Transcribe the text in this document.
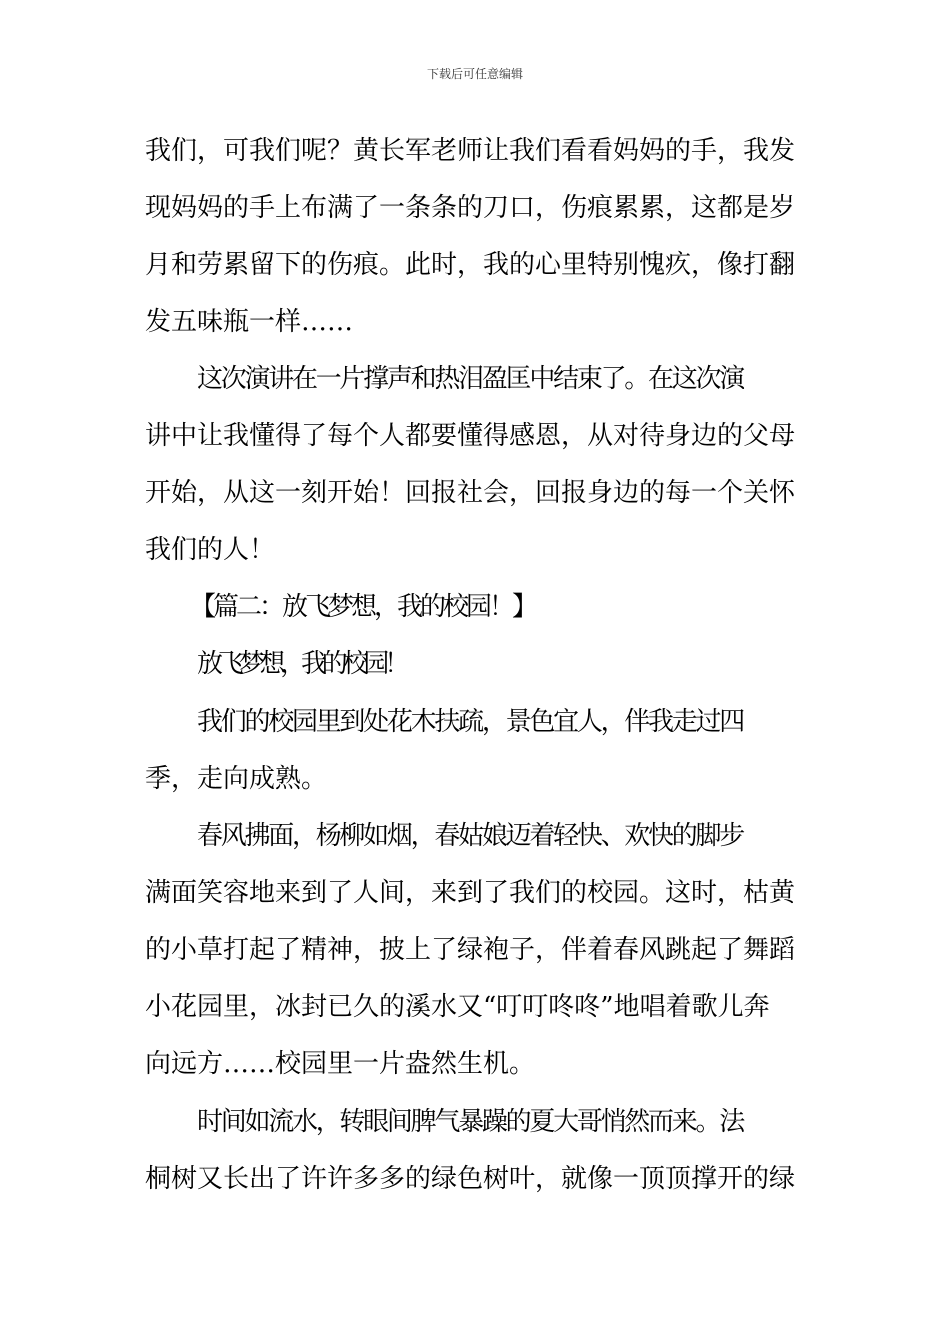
下载后可任意编辑
我们，可我们呢？黄长军老师让我们看看妈妈的手，我发
现妈妈的手上布满了一条条的刀口，伤痕累累，这都是岁
月和劳累留下的伤痕。此时，我的心里特别愧疚，像打翻
发五味瓶一样……
这次演讲在一片撑声和热泪盈匡中结束了。在这次演
讲中让我懂得了每个人都要懂得感恩，从对待身边的父母
开始，从这一刻开始！回报社会，回报身边的每一个关怀
我们的人！
【篇二：放飞梦想，我的校园！】
放飞梦想，我的校园！
我们的校园里到处花木扶疏，景色宜人，伴我走过四
季，走向成熟。
春风拂面，杨柳如烟，春姑娘迈着轻快、欢快的脚步
满面笑容地来到了人间，来到了我们的校园。这时，枯黄
的小草打起了精神，披上了绿袍子，伴着春风跳起了舞蹈
小花园里，冰封已久的溪水又“叮叮咚咚”地唱着歌儿奔
向远方……校园里一片盎然生机。
时间如流水，转眼间脾气暴躁的夏大哥悄然而来。法
桐树又长出了许许多多的绿色树叶，就像一顶顶撑开的绿
